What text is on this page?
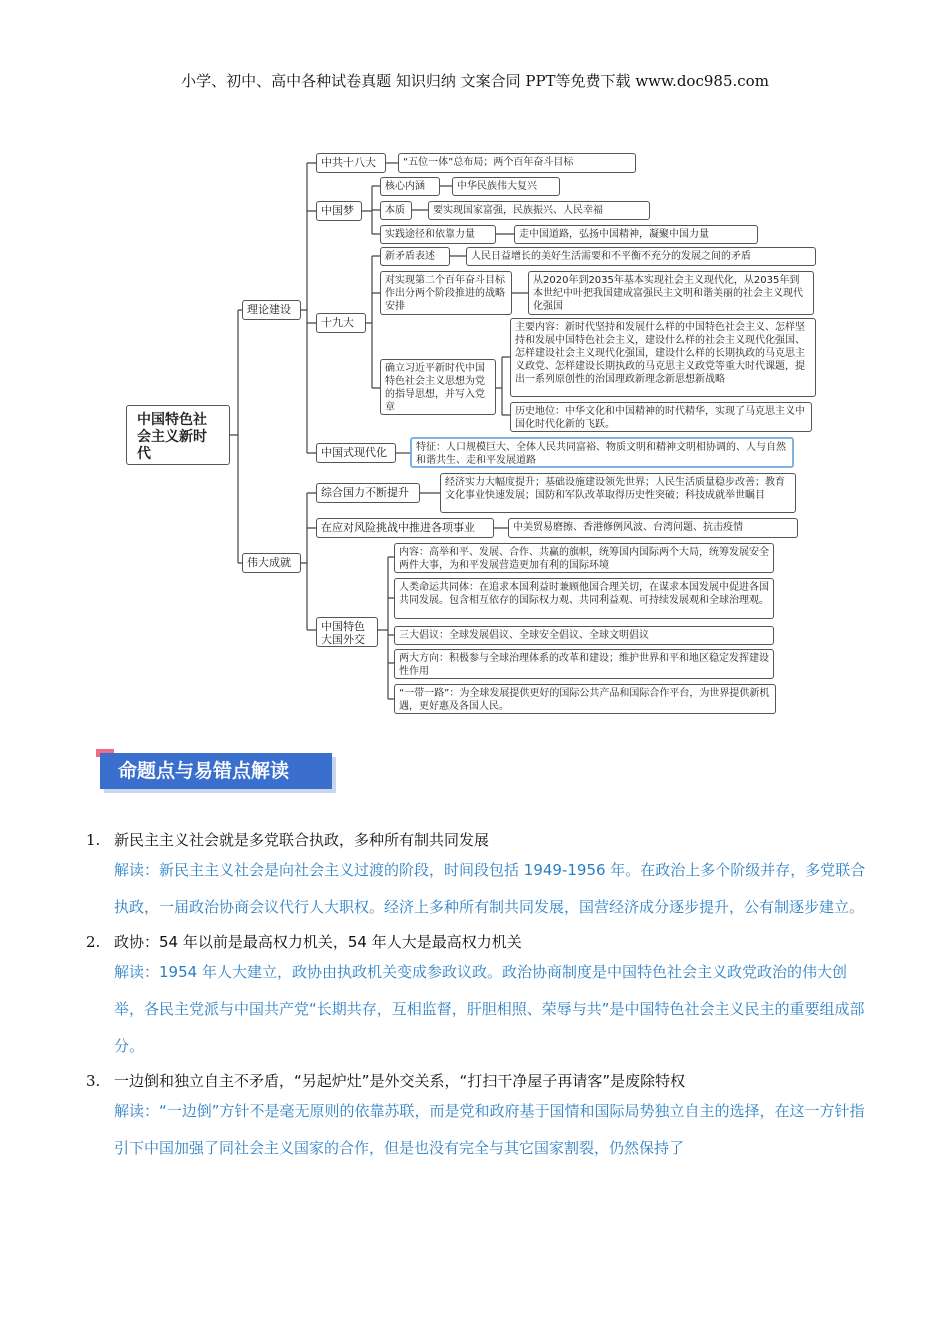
小学、初中、高中各种试卷真题 知识归纳 文案合同 PPT等免费下载 www.doc985.com
中国特色社会主义新时代
理论建设
伟大成就
中共十八大	“五位一体”总布局；两个百年奋斗目标
中国梦
核心内涵	中华民族伟大复兴
本质	要实现国家富强，民族振兴、人民幸福
实践途径和依靠力量	走中国道路，弘扬中国精神，凝聚中国力量
十九大
新矛盾表述	人民日益增长的美好生活需要和不平衡不充分的发展之间的矛盾
对实现第二个百年奋斗目标作出分两个阶段推进的战略安排
从2020年到2035年基本实现社会主义现代化，从2035年到本世纪中叶把我国建成富强民主文明和谐美丽的社会主义现代化强国
确立习近平新时代中国特色社会主义思想为党的指导思想，并写入党章
主要内容：新时代坚持和发展什么样的中国特色社会主义、怎样坚持和发展中国特色社会主义，建设什么样的社会主义现代化强国、怎样建设社会主义现代化强国，建设什么样的长期执政的马克思主义政党、怎样建设长期执政的马克思主义政党等重大时代课题，提出一系列原创性的治国理政新理念新思想新战略
历史地位：中华文化和中国精神的时代精华，实现了马克思主义中国化时代化新的飞跃。
中国式现代化	特征：人口规模巨大、全体人民共同富裕、物质文明和精神文明相协调的、人与自然和谐共生、走和平发展道路
综合国力不断提升
经济实力大幅度提升；基础设施建设领先世界；人民生活质量稳步改善；教育文化事业快速发展；国防和军队改革取得历史性突破；科技成就举世瞩目
在应对风险挑战中推进各项事业	中美贸易磨擦、香港修例风波、台湾问题、抗击疫情
中国特色大国外交
内容：高举和平、发展、合作、共赢的旗帜，统筹国内国际两个大局，统筹发展安全两件大事，为和平发展营造更加有利的国际环境
人类命运共同体：在追求本国利益时兼顾他国合理关切，在谋求本国发展中促进各国共同发展。包含相互依存的国际权力观、共同利益观、可持续发展观和全球治理观。
三大倡议：全球发展倡议、全球安全倡议、全球文明倡议
两大方向：积极参与全球治理体系的改革和建设；维护世界和平和地区稳定发挥建设性作用
“一带一路”：为全球发展提供更好的国际公共产品和国际合作平台，为世界提供新机遇，更好惠及各国人民。
命题点与易错点解读

1. 新民主主义社会就是多党联合执政，多种所有制共同发展

解读：新民主主义社会是向社会主义过渡的阶段，时间段包括 1949-1956 年。在政治上多个阶级并存，多党联合执政，一届政治协商会议代行人大职权。经济上多种所有制共同发展，国营经济成分逐步提升，公有制逐步建立。

2. 政协：54 年以前是最高权力机关，54 年人大是最高权力机关

解读：1954 年人大建立，政协由执政机关变成参政议政。政治协商制度是中国特色社会主义政党政治的伟大创举，各民主党派与中国共产党“长期共存，互相监督，肝胆相照、荣辱与共”是中国特色社会主义民主的重要组成部分。

3. 一边倒和独立自主不矛盾，“另起炉灶”是外交关系，“打扫干净屋子再请客”是废除特权

解读：“一边倒”方针不是毫无原则的依靠苏联，而是党和政府基于国情和国际局势独立自主的选择，在这一方针指引下中国加强了同社会主义国家的合作，但是也没有完全与其它国家割裂，仍然保持了
